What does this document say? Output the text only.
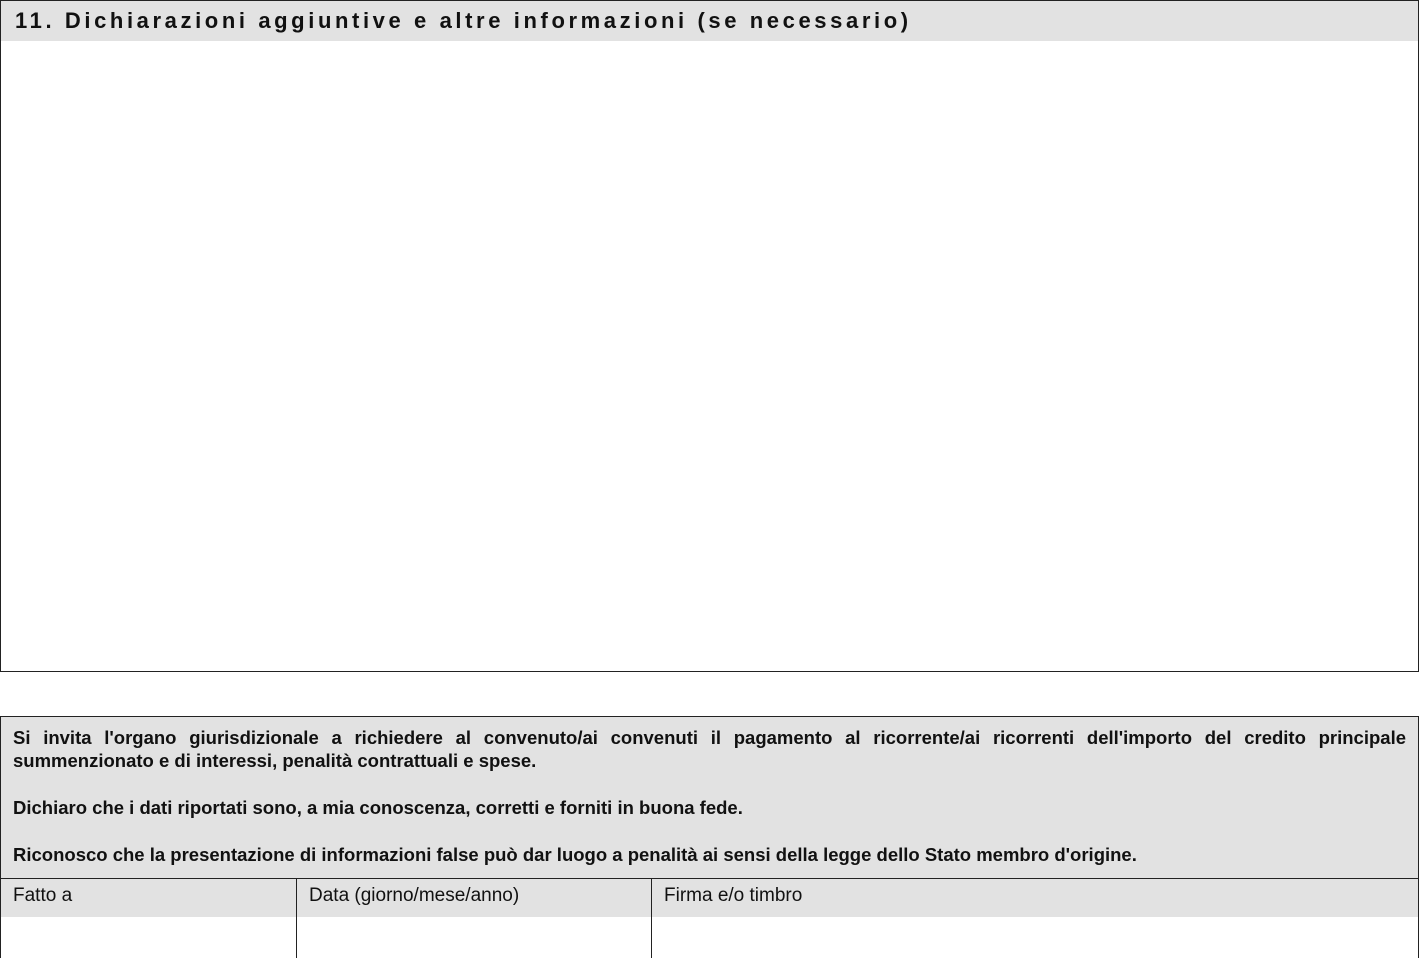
11. Dichiarazioni aggiuntive e altre informazioni (se necessario)

Si invita l'organo giurisdizionale a richiedere al convenuto/ai convenuti il pagamento al ricorrente/ai ricorrenti dell'importo del credito principale summenzionato e di interessi, penalità contrattuali e spese.

Dichiaro che i dati riportati sono, a mia conoscenza, corretti e forniti in buona fede.

Riconosco che la presentazione di informazioni false può dar luogo a penalità ai sensi della legge dello Stato membro d'origine.

Fatto a	Data (giorno/mese/anno)	Firma e/o timbro
